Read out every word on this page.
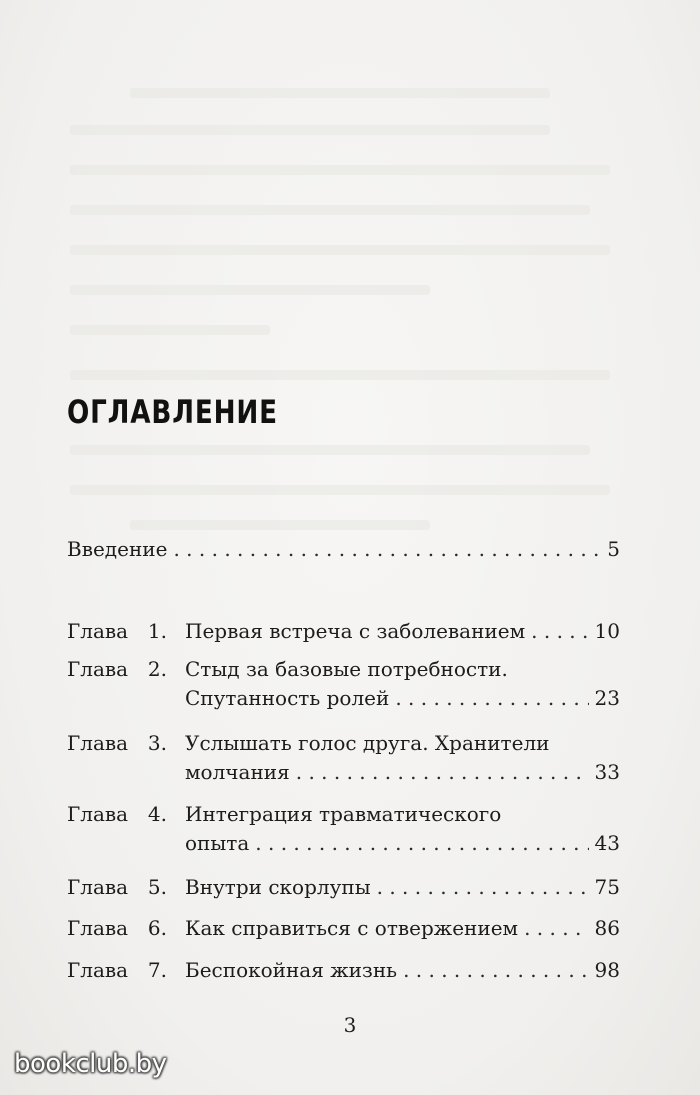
ОГЛАВЛЕНИЕ
Введение . . .	5
Глава 1. Первая встреча с заболеванием . . .	10
Глава 2. Стыд за базовые потребности.
Спутанность ролей . . .	23
Глава 3. Услышать голос друга. Хранители
молчания . . .	33
Глава 4. Интеграция травматического
опыта . . .	43
Глава 5. Внутри скорлупы . . .	75
Глава 6. Как справиться с отвержением . . .	86
Глава 7. Беспокойная жизнь . . .	98
3
bookclub.by
